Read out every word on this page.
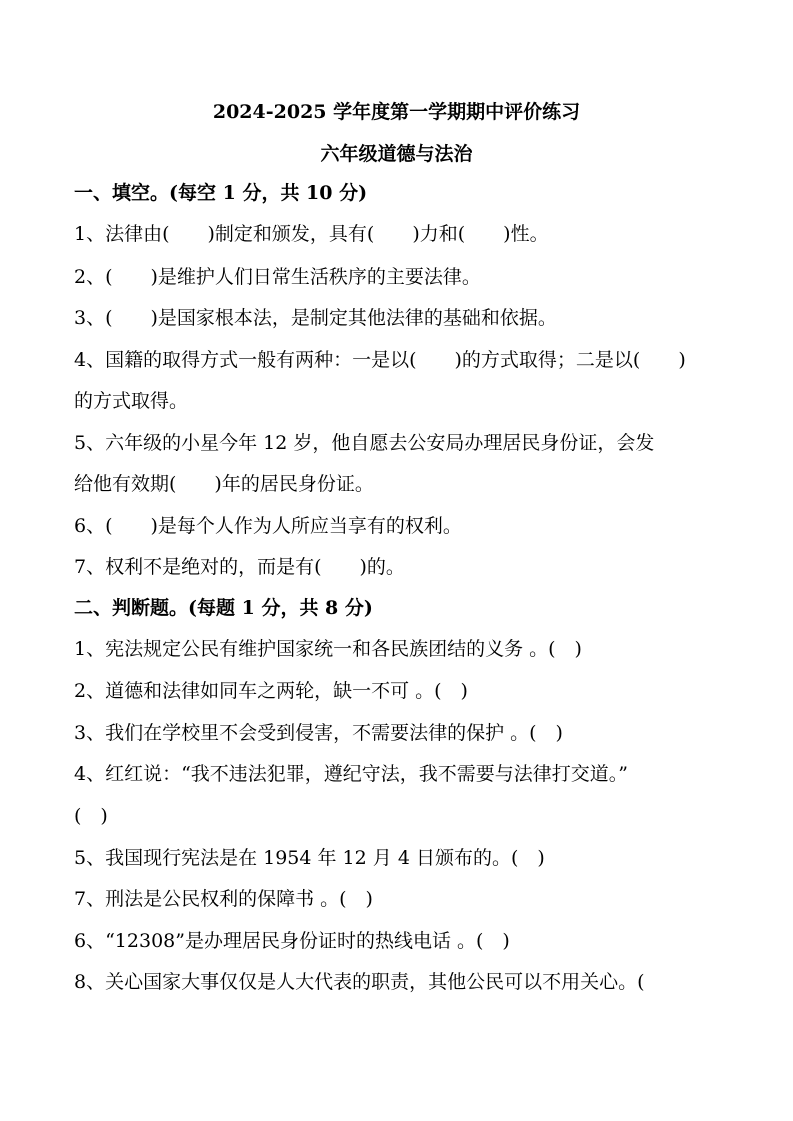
2024-2025 学年度第一学期期中评价练习
六年级道德与法治
一、填空。(每空 1 分，共 10 分)
1、法律由(　　)制定和颁发，具有(　　)力和(　　)性。
2、(　　)是维护人们日常生活秩序的主要法律。
3、(　　)是国家根本法，是制定其他法律的基础和依据。
4、国籍的取得方式一般有两种：一是以(　　)的方式取得；二是以(　　)
的方式取得。
5、六年级的小星今年 12 岁，他自愿去公安局办理居民身份证，会发
给他有效期(　　)年的居民身份证。
6、(　　)是每个人作为人所应当享有的权利。
7、权利不是绝对的，而是有(　　)的。
二、判断题。(每题 1 分，共 8 分)
1、宪法规定公民有维护国家统一和各民族团结的义务 。(　)
2、道德和法律如同车之两轮，缺一不可 。(　)
3、我们在学校里不会受到侵害，不需要法律的保护 。(　)
4、红红说：“我不违法犯罪，遵纪守法，我不需要与法律打交道。”
(　)
5、我国现行宪法是在 1954 年 12 月 4 日颁布的。(　)
7、刑法是公民权利的保障书 。(　)
6、“12308”是办理居民身份证时的热线电话 。(　)
8、关心国家大事仅仅是人大代表的职责，其他公民可以不用关心。(
